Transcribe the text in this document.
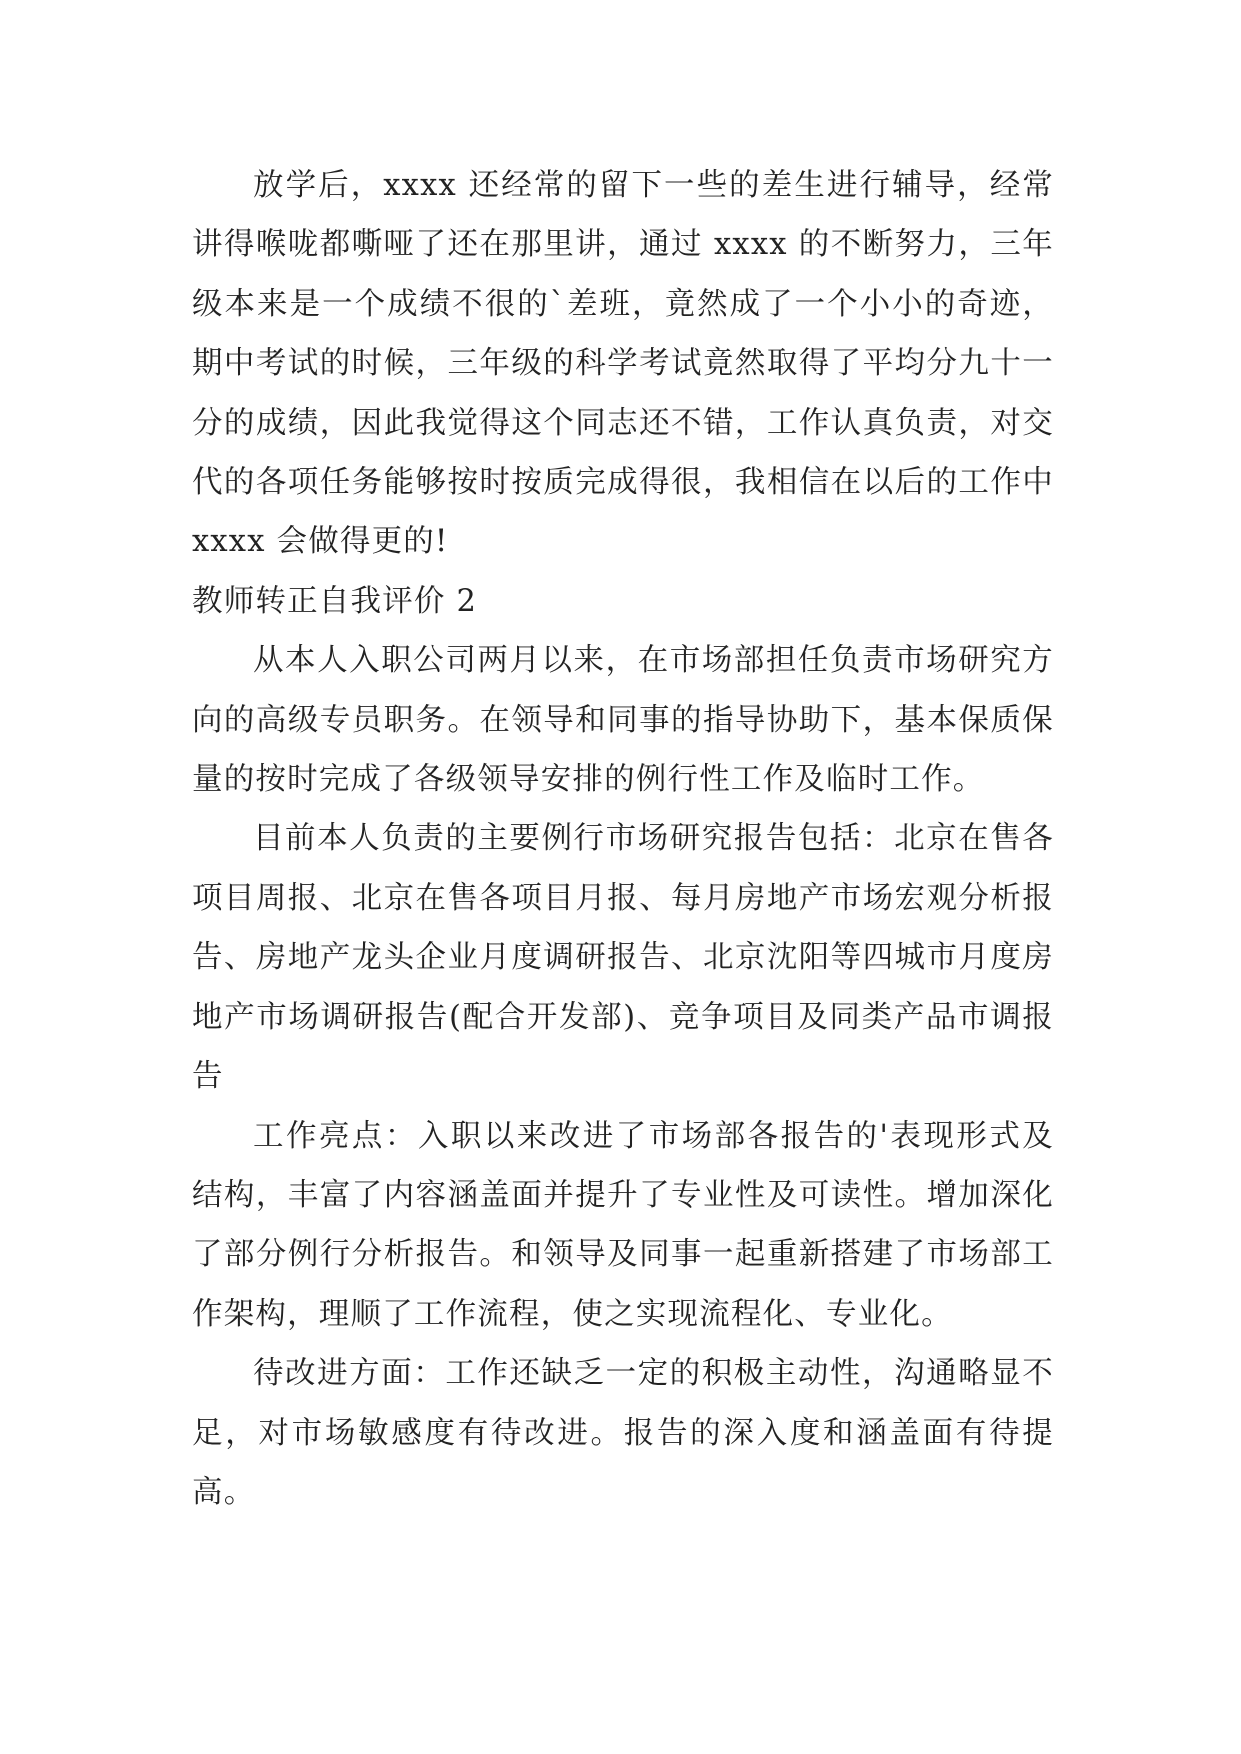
放学后，xxxx 还经常的留下一些的差生进行辅导，经常讲得喉咙都嘶哑了还在那里讲，通过 xxxx 的不断努力，三年级本来是一个成绩不很的`差班，竟然成了一个小小的奇迹，期中考试的时候，三年级的科学考试竟然取得了平均分九十一分的成绩，因此我觉得这个同志还不错，工作认真负责，对交代的各项任务能够按时按质完成得很，我相信在以后的工作中 xxxx 会做得更的!

教师转正自我评价 2

从本人入职公司两月以来，在市场部担任负责市场研究方向的高级专员职务。在领导和同事的指导协助下，基本保质保量的按时完成了各级领导安排的例行性工作及临时工作。

目前本人负责的主要例行市场研究报告包括：北京在售各项目周报、北京在售各项目月报、每月房地产市场宏观分析报告、房地产龙头企业月度调研报告、北京沈阳等四城市月度房地产市场调研报告(配合开发部)、竞争项目及同类产品市调报告

工作亮点：入职以来改进了市场部各报告的'表现形式及结构，丰富了内容涵盖面并提升了专业性及可读性。增加深化了部分例行分析报告。和领导及同事一起重新搭建了市场部工作架构，理顺了工作流程，使之实现流程化、专业化。

待改进方面：工作还缺乏一定的积极主动性，沟通略显不足，对市场敏感度有待改进。报告的深入度和涵盖面有待提高。
